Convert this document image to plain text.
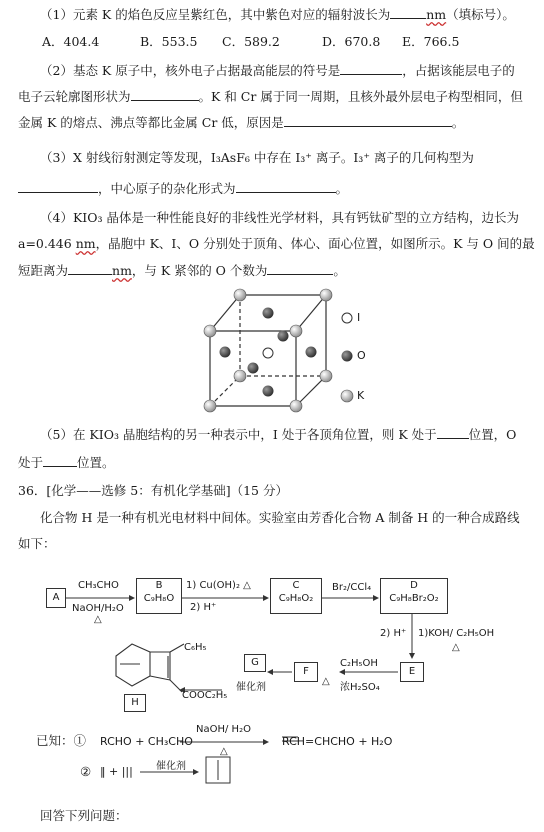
（1）元素 K 的焰色反应呈紫红色，其中紫色对应的辐射波长为	nm（填标号）。
A．404.4	B．553.5 C．589.2	D．670.8 E．766.5
（2）基态 K 原子中，核外电子占据最高能层的符号是	，占据该能层电子的
电子云轮廓图形状为	。K 和 Cr 属于同一周期，且核外最外层电子构型相同，但
金属 K 的熔点、沸点等都比金属 Cr 低，原因是	。
（3）X 射线衍射测定等发现，I₃AsF₆ 中存在 I₃⁺ 离子。I₃⁺ 离子的几何构型为
，中心原子的杂化形式为	。
（4）KIO₃ 晶体是一种性能良好的非线性光学材料，具有钙钛矿型的立方结构，边长为
a=0.446 nm，晶胞中 K、I、O 分别处于顶角、体心、面心位置，如图所示。K 与 O 间的最
短距离为	nm，与 K 紧邻的 O 个数为	。
I
O
K
（5）在 KIO₃ 晶胞结构的另一种表示中，I 处于各顶角位置，则 K 处于	位置，O
处于	位置。
36．[化学——选修 5：有机化学基础]（15 分）
化合物 H 是一种有机光电材料中间体。实验室由芳香化合物 A 制备 H 的一种合成路线
如下：
A
B
C₉H₈O
C
C₉H₈O₂
D
C₉H₈Br₂O₂
E
F
G
H
CH₃CHO
NaOH/H₂O
△
1) Cu(OH)₂ △
2) H⁺
Br₂/CCl₄
1)KOH/ C₂H₅OH
2) H⁺
△
C₂H₅OH
浓H₂SO₄
△
催化剂
C₆H₅
COOC₂H₅
已知：① RCHO + CH₃CHO
NaOH/ H₂O
△
RCH=CHCHO + H₂O
② ‖ + ||| 催化剂
回答下列问题：
